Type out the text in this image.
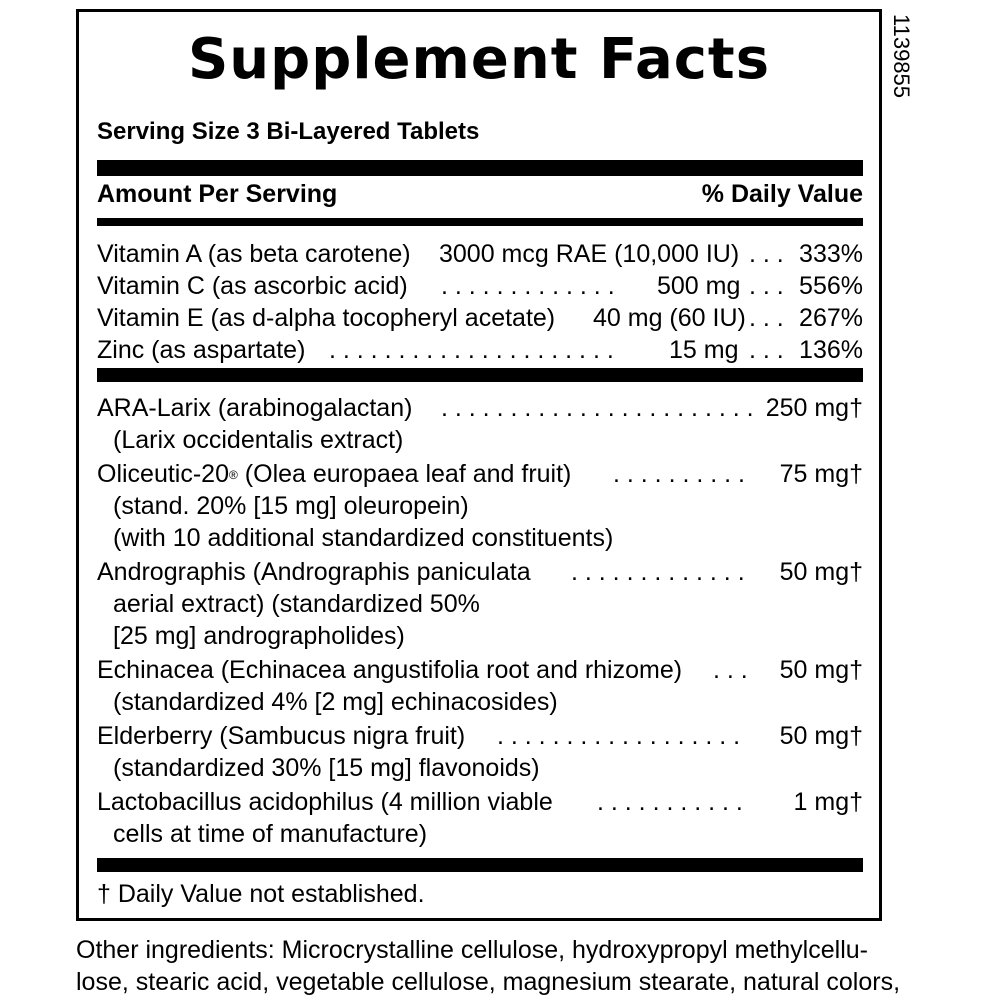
Supplement Facts
Serving Size 3 Bi-Layered Tablets
Amount Per Serving	% Daily Value
Vitamin A (as beta carotene) 3000 mcg RAE (10,000 IU) . . . 333%
Vitamin C (as ascorbic acid) . . . . . . . . . . . . . 500 mg . . . 556%
Vitamin E (as d-alpha tocopheryl acetate) 40 mg (60 IU) . . . 267%
Zinc (as aspartate) . . . . . . . . . . . . . . . . . . . . . 15 mg . . . 136%
ARA-Larix (arabinogalactan) . . . . . . . . . . . . . . . . . . . . . . . 250 mg†
(Larix occidentalis extract)
Oliceutic-20® (Olea europaea leaf and fruit) . . . . . . . . . . 75 mg†
(stand. 20% [15 mg] oleuropein)
(with 10 additional standardized constituents)
Andrographis (Andrographis paniculata . . . . . . . . . . . . . 50 mg†
aerial extract) (standardized 50%
[25 mg] andrographolides)
Echinacea (Echinacea angustifolia root and rhizome) . . . 50 mg†
(standardized 4% [2 mg] echinacosides)
Elderberry (Sambucus nigra fruit) . . . . . . . . . . . . . . . . . . 50 mg†
(standardized 30% [15 mg] flavonoids)
Lactobacillus acidophilus (4 million viable . . . . . . . . . . . 1 mg†
cells at time of manufacture)
† Daily Value not established.
1139855
Other ingredients: Microcrystalline cellulose, hydroxypropyl methylcellu-lose, stearic acid, vegetable cellulose, magnesium stearate, natural colors,
